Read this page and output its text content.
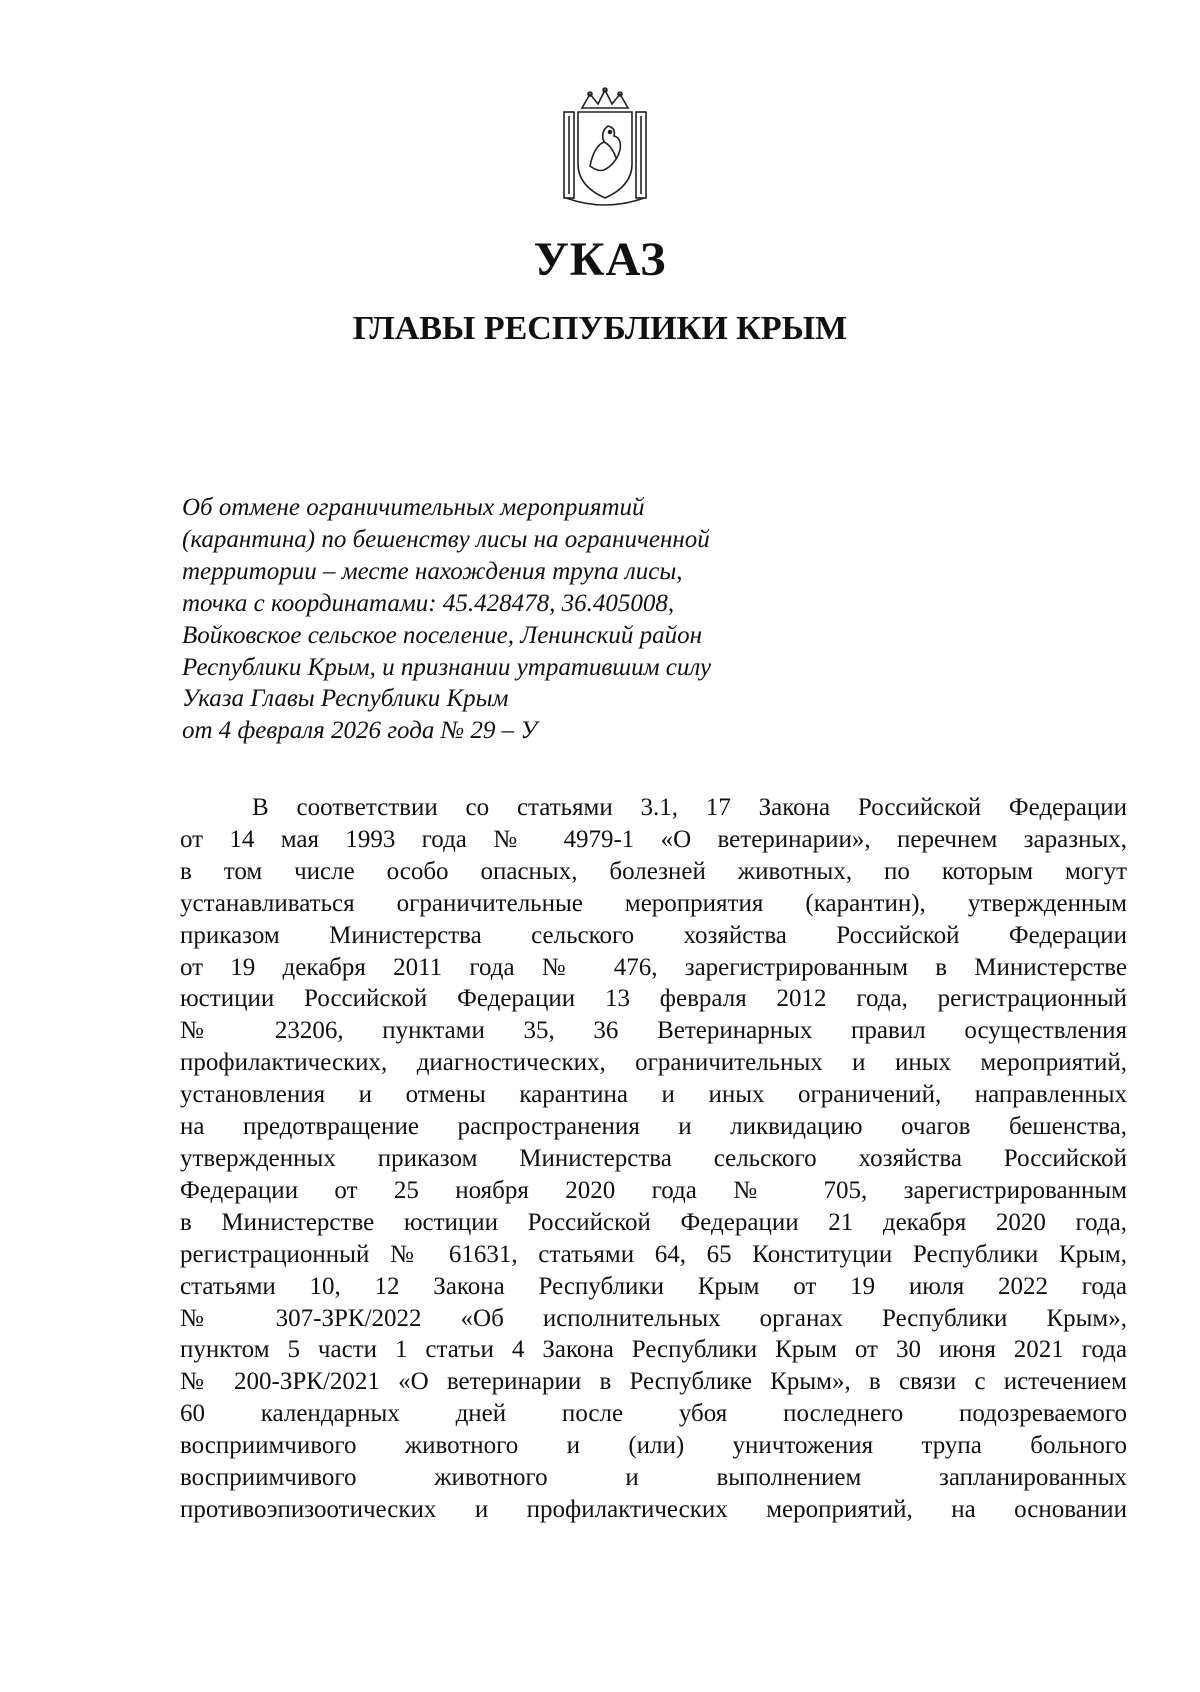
УКАЗ
ГЛАВЫ РЕСПУБЛИКИ КРЫМ
Об отмене ограничительных мероприятий
(карантина) по бешенству лисы на ограниченной
территории – месте нахождения трупа лисы,
точка с координатами: 45.428478, 36.405008,
Войковское сельское поселение, Ленинский район
Республики Крым, и признании утратившим силу
Указа Главы Республики Крым
от 4 февраля 2026 года № 29 – У
В соответствии со статьями 3.1, 17 Закона Российской Федерации
от 14 мая 1993 года № 4979-1 «О ветеринарии», перечнем заразных,
в том числе особо опасных, болезней животных, по которым могут
устанавливаться ограничительные мероприятия (карантин), утвержденным
приказом Министерства сельского хозяйства Российской Федерации
от 19 декабря 2011 года № 476, зарегистрированным в Министерстве
юстиции Российской Федерации 13 февраля 2012 года, регистрационный
№ 23206, пунктами 35, 36 Ветеринарных правил осуществления
профилактических, диагностических, ограничительных и иных мероприятий,
установления и отмены карантина и иных ограничений, направленных
на предотвращение распространения и ликвидацию очагов бешенства,
утвержденных приказом Министерства сельского хозяйства Российской
Федерации от 25 ноября 2020 года № 705, зарегистрированным
в Министерстве юстиции Российской Федерации 21 декабря 2020 года,
регистрационный № 61631, статьями 64, 65 Конституции Республики Крым,
статьями 10, 12 Закона Республики Крым от 19 июля 2022 года
№ 307-ЗРК/2022 «Об исполнительных органах Республики Крым»,
пунктом 5 части 1 статьи 4 Закона Республики Крым от 30 июня 2021 года
№ 200-ЗРК/2021 «О ветеринарии в Республике Крым», в связи с истечением
60 календарных дней после убоя последнего подозреваемого
восприимчивого животного и (или) уничтожения трупа больного
восприимчивого животного и выполнением запланированных
противоэпизоотических и профилактических мероприятий, на основании
